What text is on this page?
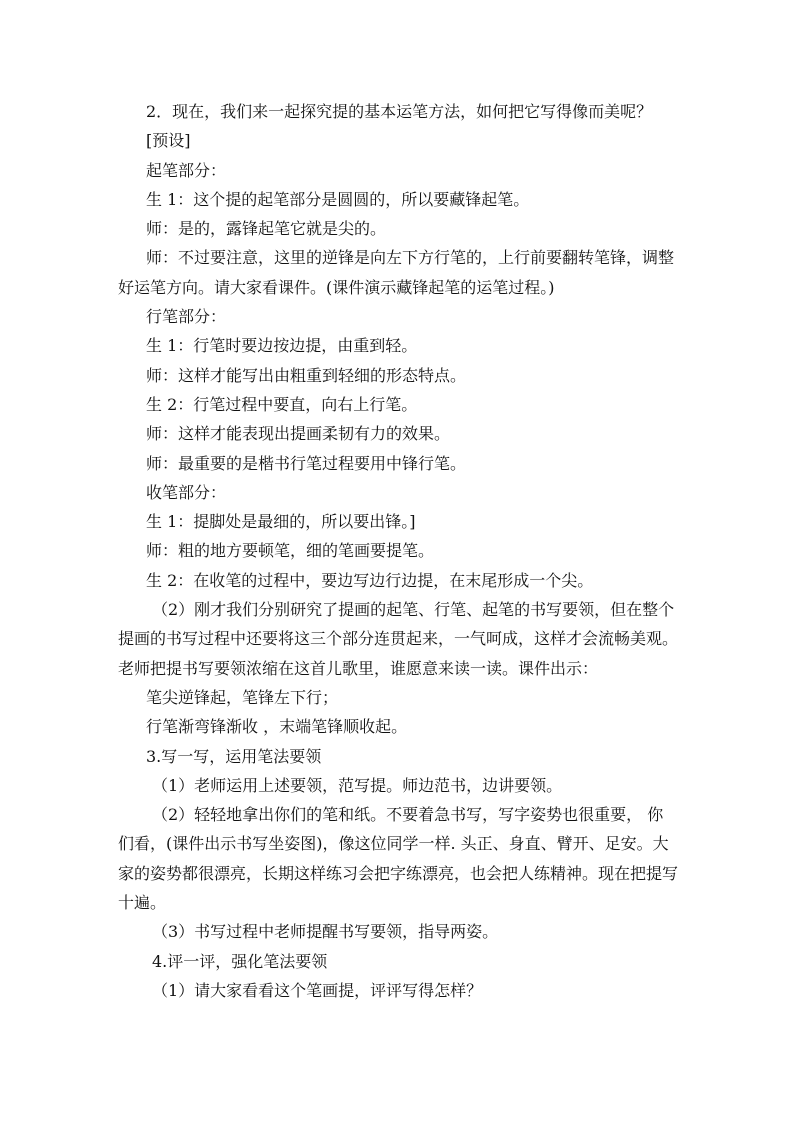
2．现在，我们来一起探究提的基本运笔方法，如何把它写得像而美呢？

[预设]

起笔部分：

生 1：这个提的起笔部分是圆圆的，所以要藏锋起笔。

师：是的，露锋起笔它就是尖的。

师：不过要注意，这里的逆锋是向左下方行笔的，上行前要翻转笔锋，调整好运笔方向。请大家看课件。(课件演示藏锋起笔的运笔过程。)

行笔部分：

生 1：行笔时要边按边提，由重到轻。

师：这样才能写出由粗重到轻细的形态特点。

生 2：行笔过程中要直，向右上行笔。

师：这样才能表现出提画柔韧有力的效果。

师：最重要的是楷书行笔过程要用中锋行笔。

收笔部分：

生 1：提脚处是最细的，所以要出锋。]

师：粗的地方要顿笔，细的笔画要提笔。

生 2：在收笔的过程中，要边写边行边提，在末尾形成一个尖。

（2）刚才我们分别研究了提画的起笔、行笔、起笔的书写要领，但在整个提画的书写过程中还要将这三个部分连贯起来，一气呵成，这样才会流畅美观。老师把提书写要领浓缩在这首儿歌里，谁愿意来读一读。课件出示：

笔尖逆锋起，笔锋左下行；

行笔渐弯锋渐收 ，末端笔锋顺收起。

3.写一写，运用笔法要领

（1）老师运用上述要领，范写提。师边范书，边讲要领。

（2）轻轻地拿出你们的笔和纸。不要着急书写，写字姿势也很重要， 你们看，(课件出示书写坐姿图)，像这位同学一样. 头正、身直、臂开、足安。大家的姿势都很漂亮，长期这样练习会把字练漂亮，也会把人练精神。现在把提写十遍。

（3）书写过程中老师提醒书写要领，指导两姿。

4.评一评，强化笔法要领

（1）请大家看看这个笔画提，评评写得怎样？
